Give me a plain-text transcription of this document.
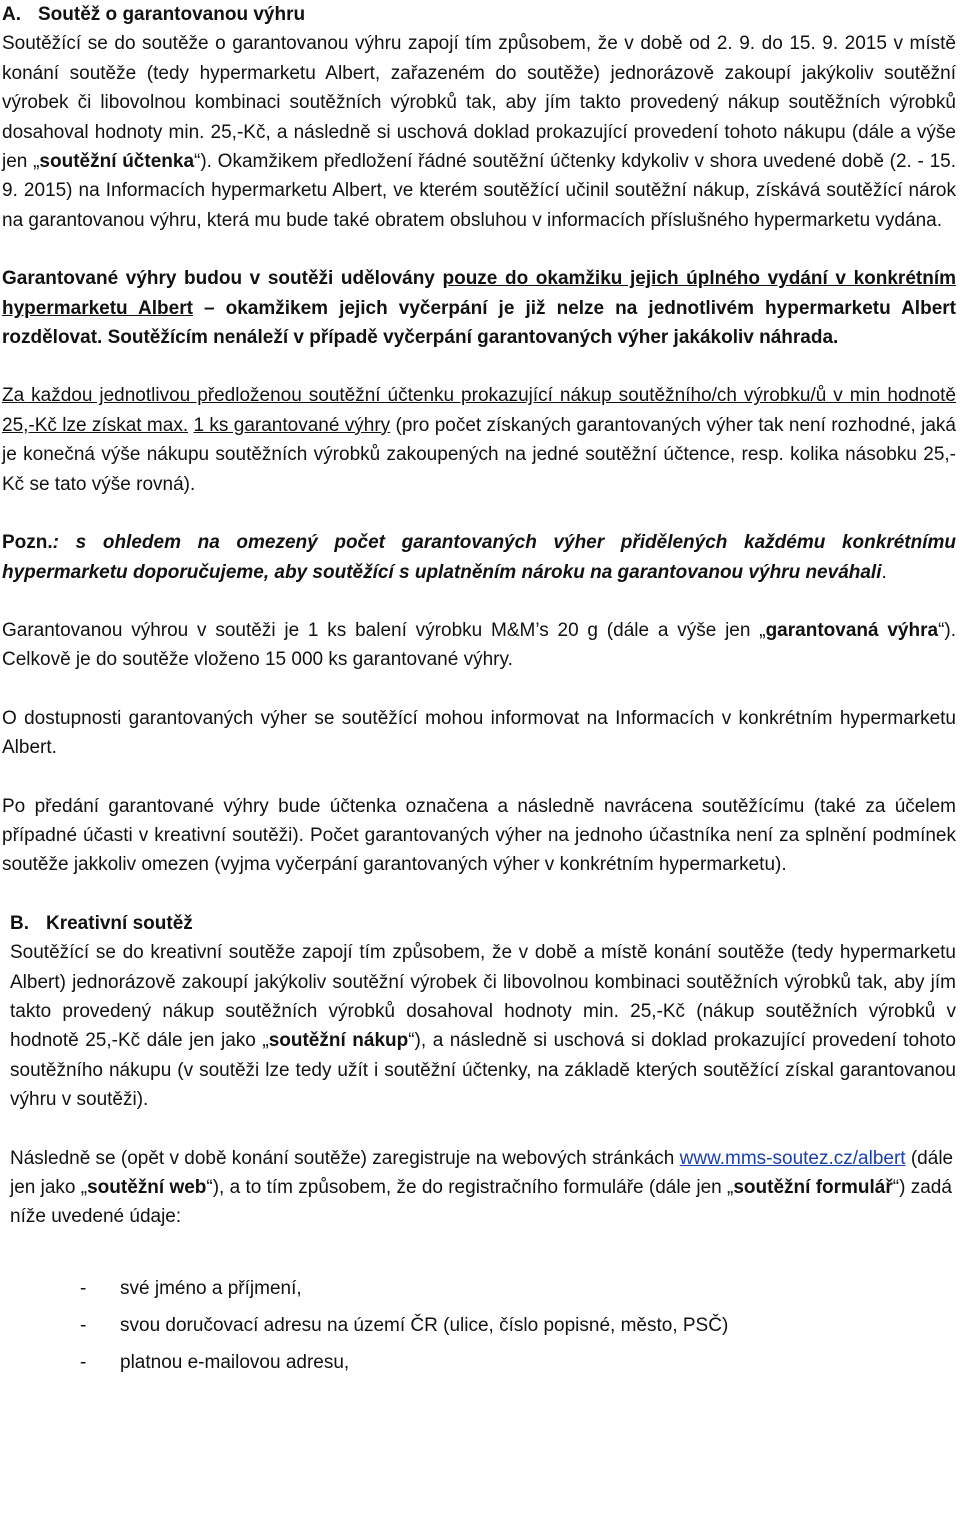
A. Soutěž o garantovanou výhru

Soutěžící se do soutěže o garantovanou výhru zapojí tím způsobem, že v době od 2. 9. do 15. 9. 2015 v místě konání soutěže (tedy hypermarketu Albert, zařazeném do soutěže) jednorázově zakoupí jakýkoliv soutěžní výrobek či libovolnou kombinaci soutěžních výrobků tak, aby jím takto provedený nákup soutěžních výrobků dosahoval hodnoty min. 25,-Kč, a následně si uschová doklad prokazující provedení tohoto nákupu (dále a výše jen „soutěžní účtenka“). Okamžikem předložení řádné soutěžní účtenky kdykoliv v shora uvedené době (2. - 15. 9. 2015) na Informacích hypermarketu Albert, ve kterém soutěžící učinil soutěžní nákup, získává soutěžící nárok na garantovanou výhru, která mu bude také obratem obsluhou v informacích příslušného hypermarketu vydána.

Garantované výhry budou v soutěži udělovány pouze do okamžiku jejich úplného vydání v konkrétním hypermarketu Albert – okamžikem jejich vyčerpání je již nelze na jednotlivém hypermarketu Albert rozdělovat. Soutěžícím nenáleží v případě vyčerpání garantovaných výher jakákoliv náhrada.

Za každou jednotlivou předloženou soutěžní účtenku prokazující nákup soutěžního/ch výrobku/ů v min hodnotě 25,-Kč lze získat max. 1 ks garantované výhry (pro počet získaných garantovaných výher tak není rozhodné, jaká je konečná výše nákupu soutěžních výrobků zakoupených na jedné soutěžní účtence, resp. kolika násobku 25,-Kč se tato výše rovná).

Pozn.: s ohledem na omezený počet garantovaných výher přidělených každému konkrétnímu hypermarketu doporučujeme, aby soutěžící s uplatněním nároku na garantovanou výhru neváhali.

Garantovanou výhrou v soutěži je 1 ks balení výrobku M&M’s 20 g (dále a výše jen „garantovaná výhra“). Celkově je do soutěže vloženo 15 000 ks garantované výhry.

O dostupnosti garantovaných výher se soutěžící mohou informovat na Informacích v konkrétním hypermarketu Albert.

Po předání garantované výhry bude účtenka označena a následně navrácena soutěžícímu (také za účelem případné účasti v kreativní soutěži). Počet garantovaných výher na jednoho účastníka není za splnění podmínek soutěže jakkoliv omezen (vyjma vyčerpání garantovaných výher v konkrétním hypermarketu).

B. Kreativní soutěž

Soutěžící se do kreativní soutěže zapojí tím způsobem, že v době a místě konání soutěže (tedy hypermarketu Albert) jednorázově zakoupí jakýkoliv soutěžní výrobek či libovolnou kombinaci soutěžních výrobků tak, aby jím takto provedený nákup soutěžních výrobků dosahoval hodnoty min. 25,-Kč (nákup soutěžních výrobků v hodnotě 25,-Kč dále jen jako „soutěžní nákup“), a následně si uschová si doklad prokazující provedení tohoto soutěžního nákupu (v soutěži lze tedy užít i soutěžní účtenky, na základě kterých soutěžící získal garantovanou výhru v soutěži).

Následně se (opět v době konání soutěže) zaregistruje na webových stránkách www.mms-soutez.cz/albert (dále jen jako „soutěžní web“), a to tím způsobem, že do registračního formuláře (dále jen „soutěžní formulář“) zadá níže uvedené údaje:

-	své jméno a příjmení,
-	svou doručovací adresu na území ČR (ulice, číslo popisné, město, PSČ)
-	platnou e-mailovou adresu,
